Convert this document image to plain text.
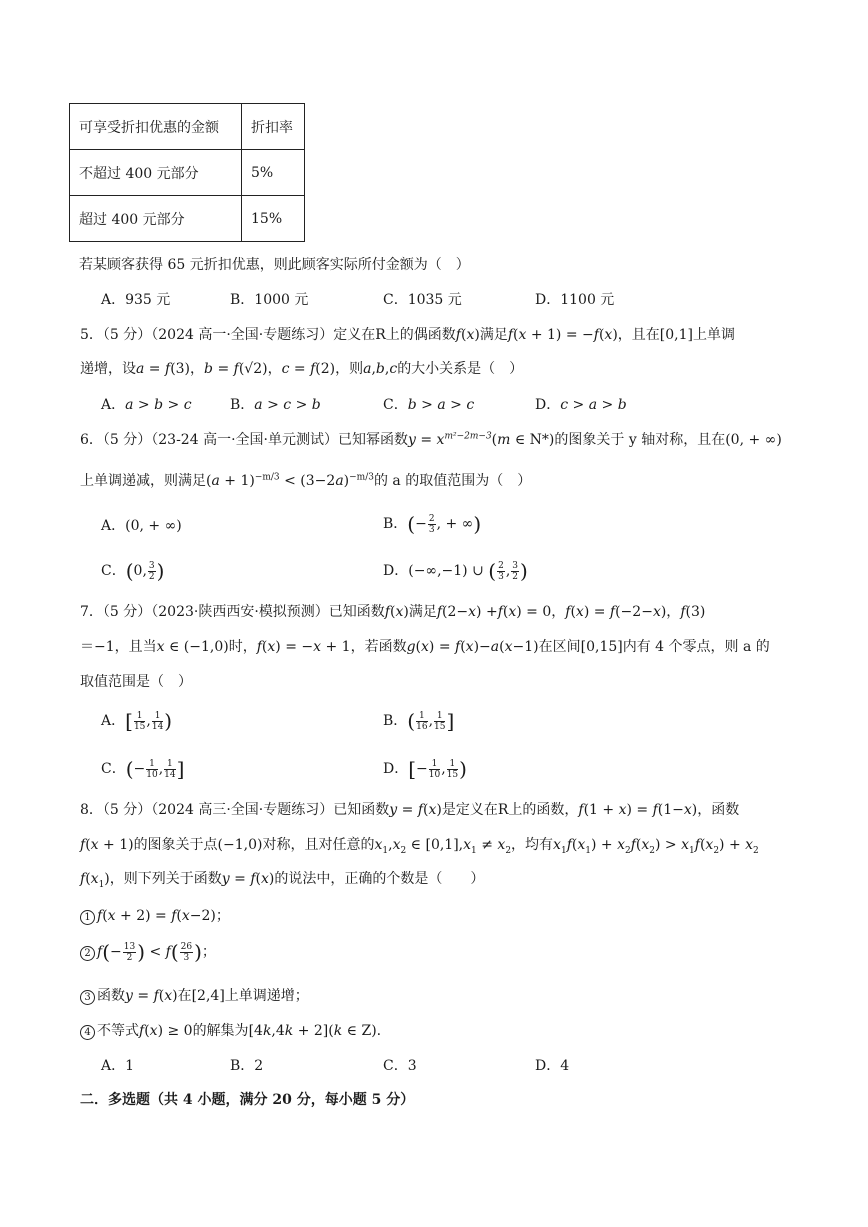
可享受折扣优惠的金额	折扣率
不超过 400 元部分	5%
超过 400 元部分	15%
若某顾客获得 65 元折扣优惠，则此顾客实际所付金额为（　）
A．935 元	B．1000 元	C．1035 元	D．1100 元
5．（5 分）（2024 高一·全国·专题练习）定义在R上的偶函数f(x)满足f(x + 1) = −f(x)，且在[0,1]上单调
递增，设a = f(3)，b = f(√2)，c = f(2)，则a,b,c的大小关系是（　）
A．a > b > c	B．a > c > b	C．b > a > c	D．c > a > b
6．（5 分）（23-24 高一·全国·单元测试）已知幂函数$y = x^{m^2-2m-3}(m$ ∈ N*)的图象关于 y 轴对称，且在(0, + ∞)
上单调递减，则满足$(a + 1)^{-m/3} < (3-2a)^{-m/3}$的 a 的取值范围为（　）
A．(0, + ∞)	B．(− $\frac{2}{3}$ , + ∞)
C．(0, $\frac{3}{2}$ )	D．(−∞,−1) ∪ ( $\frac{2}{3}$ , $\frac{3}{2}$ )
7．（5 分）（2023·陕西西安·模拟预测）已知函数f(x)满足f(2−x) +f(x) = 0，f(x) = f(−2−x)，f(3)
＝−1，且当x ∈ (−1,0)时，f(x) = −x + 1，若函数g(x) = f(x)−a(x−1)在区间[0,15]内有 4 个零点，则 a 的
取值范围是（　）
A．[ $\frac{1}{15}$ , $\frac{1}{14}$ )	B．( $\frac{1}{16}$ , $\frac{1}{15}$ ]
C．(− $\frac{1}{10}$ , $\frac{1}{14}$ ]	D．[− $\frac{1}{10}$ , $\frac{1}{15}$ )
8．（5 分）（2024 高三·全国·专题练习）已知函数y = f(x)是定义在R上的函数，f(1 + x) = f(1−x)，函数
f(x + 1)的图象关于点(−1,0)对称，且对任意的$x_1,x_2$ ∈ $[0,1],x_1 \ne x_2$，均有$x_1f(x_1) + x_2f(x_2) > x_1f(x_2) + x_2$
$f(x_1)$，则下列关于函数y = f(x)的说法中，正确的个数是（　　）
1 f(x + 2) = f(x−2)；
2 $f(- \frac{13}{2}$ ) < $f( \frac{26}{3}$ )；
3 函数y = f(x)在[2,4]上单调递增；
4 不等式f(x) ≥ 0的解集为[4k,4k + 2](k ∈ Z).
A．1	B．2	C．3	D．4
二．多选题（共 4 小题，满分 20 分，每小题 5 分）
